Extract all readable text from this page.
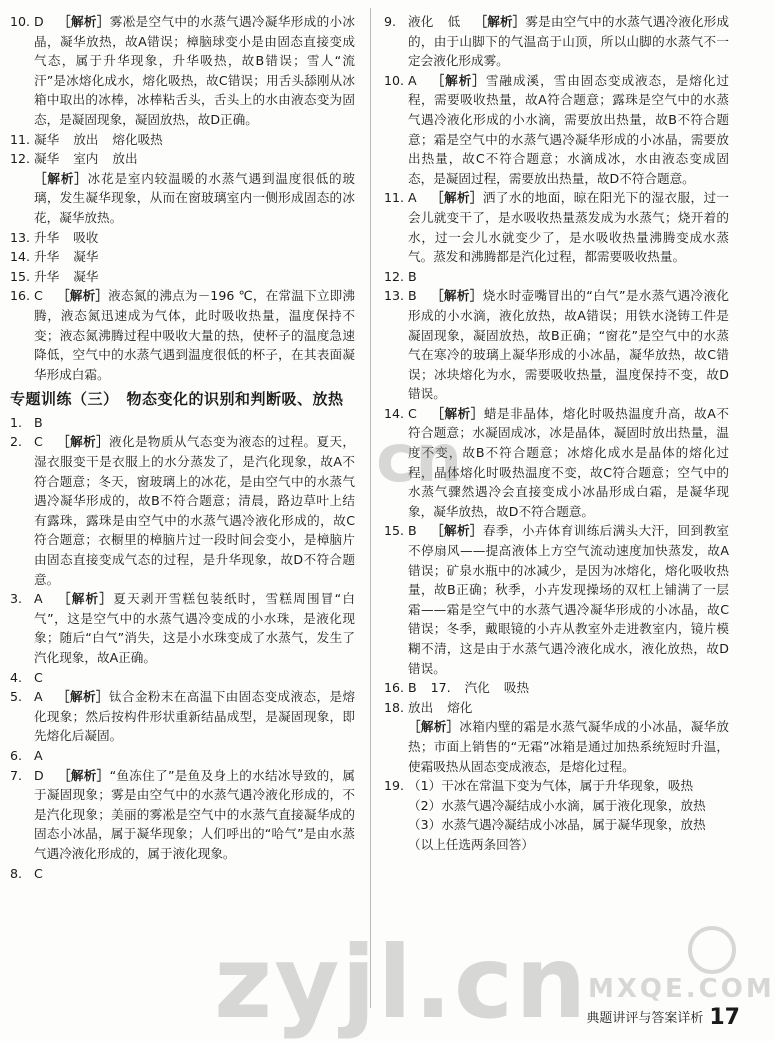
10. D ［解析］雾凇是空气中的水蒸气遇冷凝华形成的小冰晶，凝华放热，故A错误；樟脑球变小是由固态直接变成气态，属于升华现象，升华吸热，故B错误；雪人“流汗”是冰熔化成水，熔化吸热，故C错误；用舌头舔刚从冰箱中取出的冰棒，冰棒粘舌头，舌头上的水由液态变为固态，是凝固现象，凝固放热，故D正确。
11. 凝华 放出 熔化吸热
12. 凝华 室内 放出
［解析］冰花是室内较温暖的水蒸气遇到温度很低的玻璃，发生凝华现象，从而在窗玻璃室内一侧形成固态的冰花，凝华放热。
13. 升华 吸收
14. 升华 凝华
15. 升华 凝华
16. C ［解析］液态氮的沸点为－196 ℃，在常温下立即沸腾，液态氮迅速成为气体，此时吸收热量，温度保持不变；液态氮沸腾过程中吸收大量的热，使杯子的温度急速降低，空气中的水蒸气遇到温度很低的杯子，在其表面凝华形成白霜。
专题训练（三）　物态变化的识别和判断吸、放热
1. B
2. C ［解析］液化是物质从气态变为液态的过程。夏天，湿衣服变干是衣服上的水分蒸发了，是汽化现象，故A不符合题意；冬天，窗玻璃上的冰花，是由空气中的水蒸气遇冷凝华形成的，故B不符合题意；清晨，路边草叶上结有露珠，露珠是由空气中的水蒸气遇冷液化形成的，故C符合题意；衣橱里的樟脑片过一段时间会变小，是樟脑片由固态直接变成气态的过程，是升华现象，故D不符合题意。
3. A ［解析］夏天剥开雪糕包装纸时，雪糕周围冒“白气”，这是空气中的水蒸气遇冷变成的小水珠，是液化现象；随后“白气”消失，这是小水珠变成了水蒸气，发生了汽化现象，故A正确。
4. C
5. A ［解析］钛合金粉末在高温下由固态变成液态，是熔化现象；然后按构件形状重新结晶成型，是凝固现象，即先熔化后凝固。
6. A
7. D ［解析］“鱼冻住了”是鱼及身上的水结冰导致的，属于凝固现象；雾是由空气中的水蒸气遇冷液化形成的，不是汽化现象；美丽的雾凇是空气中的水蒸气直接凝华成的固态小冰晶，属于凝华现象；人们呼出的“哈气”是由水蒸气遇冷液化形成的，属于液化现象。
8. C
9. 液化 低 ［解析］雾是由空气中的水蒸气遇冷液化形成的，由于山脚下的气温高于山顶，所以山脚的水蒸气不一定会液化形成雾。
10. A ［解析］雪融成溪，雪由固态变成液态，是熔化过程，需要吸收热量，故A符合题意；露珠是空气中的水蒸气遇冷液化形成的小水滴，需要放出热量，故B不符合题意；霜是空气中的水蒸气遇冷凝华形成的小冰晶，需要放出热量，故C不符合题意；水滴成冰，水由液态变成固态，是凝固过程，需要放出热量，故D不符合题意。
11. A ［解析］洒了水的地面，晾在阳光下的湿衣服，过一会儿就变干了，是水吸收热量蒸发成为水蒸气；烧开着的水，过一会儿水就变少了，是水吸收热量沸腾变成水蒸气。蒸发和沸腾都是汽化过程，都需要吸收热量。
12. B
13. B ［解析］烧水时壶嘴冒出的“白气”是水蒸气遇冷液化形成的小水滴，液化放热，故A错误；用铁水浇铸工件是凝固现象，凝固放热，故B正确；“窗花”是空气中的水蒸气在寒冷的玻璃上凝华形成的小冰晶，凝华放热，故C错误；冰块熔化为水，需要吸收热量，温度保持不变，故D错误。
14. C ［解析］蜡是非晶体，熔化时吸热温度升高，故A不符合题意；水凝固成冰，冰是晶体，凝固时放出热量，温度不变，故B不符合题意；冰熔化成水是晶体的熔化过程，晶体熔化时吸热温度不变，故C符合题意；空气中的水蒸气骤然遇冷会直接变成小冰晶形成白霜，是凝华现象，凝华放热，故D不符合题意。
15. B ［解析］春季，小卉体育训练后满头大汗，回到教室不停扇风——提高液体上方空气流动速度加快蒸发，故A错误；矿泉水瓶中的冰减少，是因为冰熔化，熔化吸收热量，故B正确；秋季，小卉发现操场的双杠上铺满了一层霜——霜是空气中的水蒸气遇冷凝华形成的小冰晶，故C错误；冬季，戴眼镜的小卉从教室外走进教室内，镜片模糊不清，这是由于水蒸气遇冷液化成水，液化放热，故D错误。
16. B 17. 汽化 吸热
18. 放出 熔化
［解析］冰箱内壁的霜是水蒸气凝华成的小冰晶，凝华放热；市面上销售的“无霜”冰箱是通过加热系统短时升温，使霜吸热从固态变成液态，是熔化过程。
19. （1）干冰在常温下变为气体，属于升华现象，吸热
（2）水蒸气遇冷凝结成小水滴，属于液化现象，放热
（3）水蒸气遇冷凝结成小冰晶，属于凝华现象，放热
（以上任选两条回答）
典题讲评与答案详析 17
cn
zyjl.cn MXQE.COM
